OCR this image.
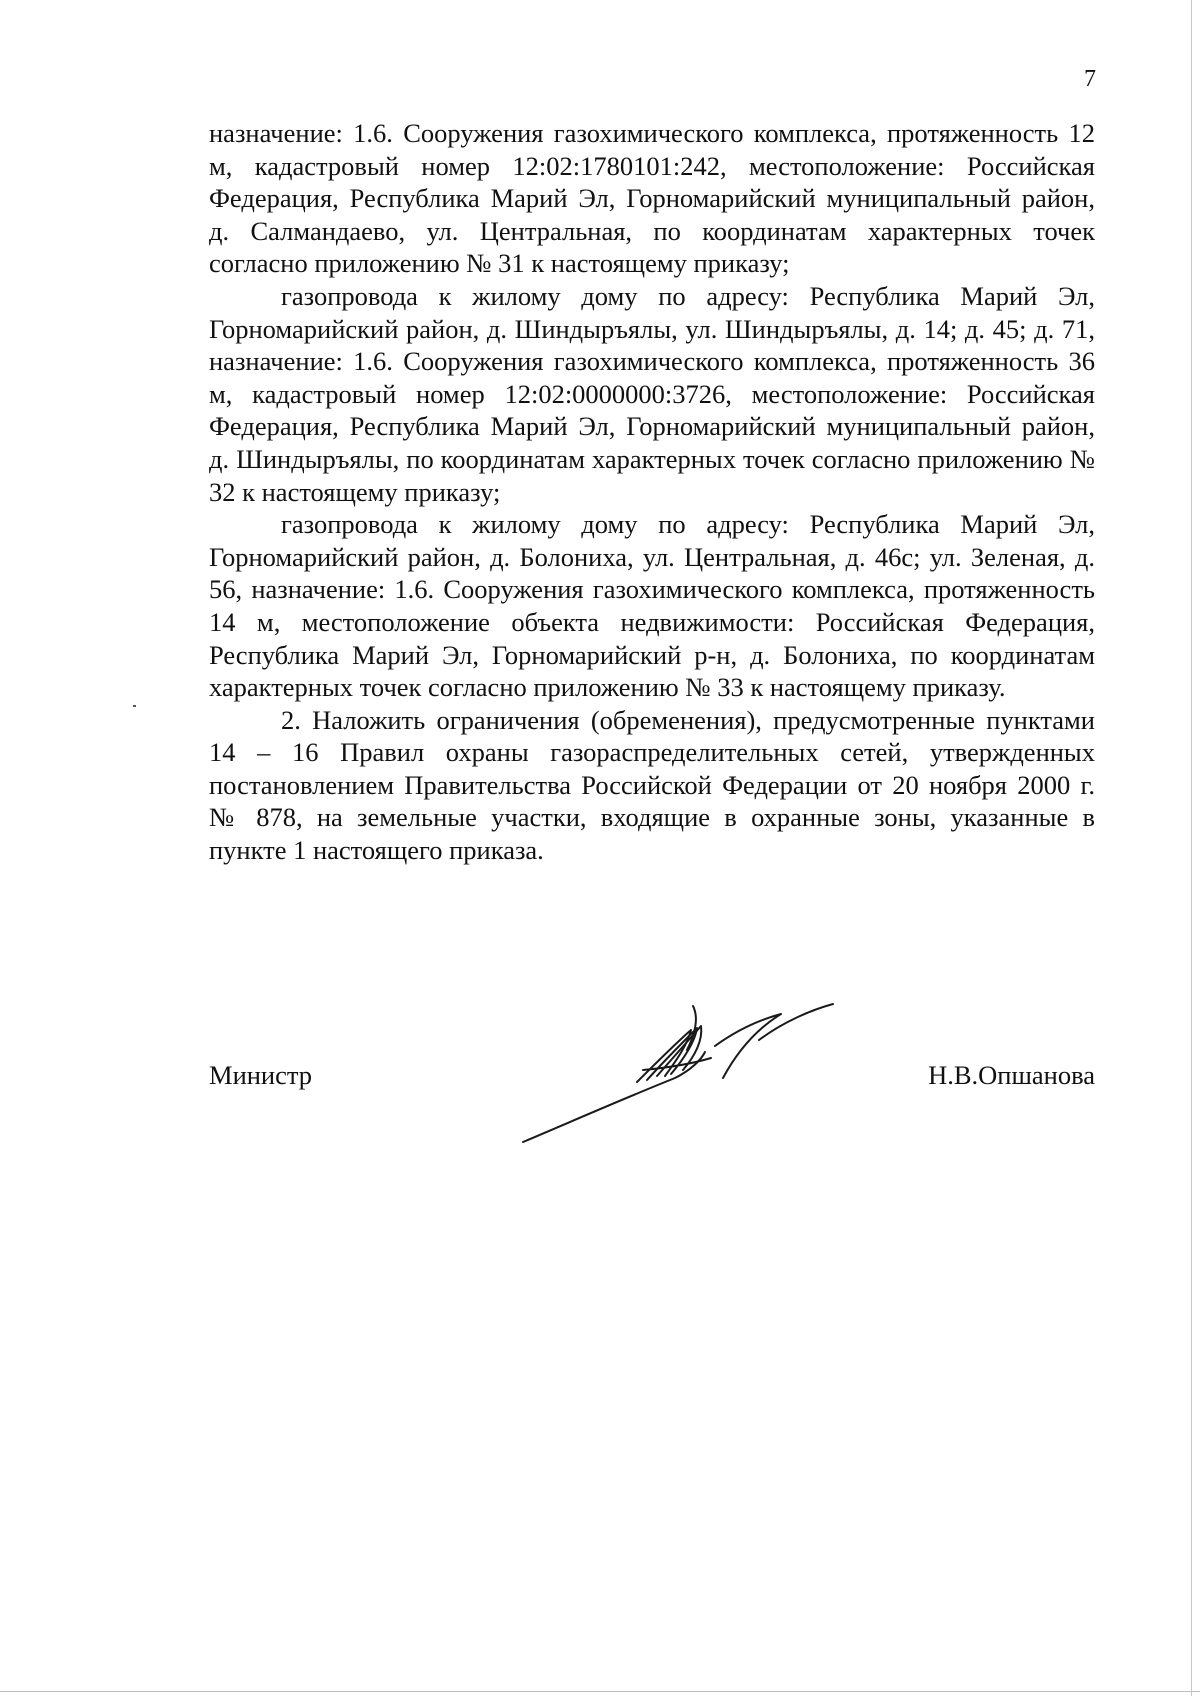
7

назначение: 1.6. Сооружения газохимического комплекса, протяженность 12 м, кадастровый номер 12:02:1780101:242, местоположение: Российская Федерация, Республика Марий Эл, Горномарийский муниципальный район, д. Салмандаево, ул. Центральная, по координатам характерных точек согласно приложению № 31 к настоящему приказу;

газопровода к жилому дому по адресу: Республика Марий Эл, Горномарийский район, д. Шиндыръялы, ул. Шиндыръялы, д. 14; д. 45; д. 71, назначение: 1.6. Сооружения газохимического комплекса, протяженность 36 м, кадастровый номер 12:02:0000000:3726, местоположение: Российская Федерация, Республика Марий Эл, Горномарийский муниципальный район, д. Шиндыръялы, по координатам характерных точек согласно приложению № 32 к настоящему приказу;

газопровода к жилому дому по адресу: Республика Марий Эл, Горномарийский район, д. Болониха, ул. Центральная, д. 46с; ул. Зеленая, д. 56, назначение: 1.6. Сооружения газохимического комплекса, протяженность 14 м, местоположение объекта недвижимости: Российская Федерация, Республика Марий Эл, Горномарийский р-н, д. Болониха, по координатам характерных точек согласно приложению № 33 к настоящему приказу.

2. Наложить ограничения (обременения), предусмотренные пунктами 14 – 16 Правил охраны газораспределительных сетей, утвержденных постановлением Правительства Российской Федерации от 20 ноября 2000 г. № 878, на земельные участки, входящие в охранные зоны, указанные в пункте 1 настоящего приказа.

Министр	Н.В.Опшанова
